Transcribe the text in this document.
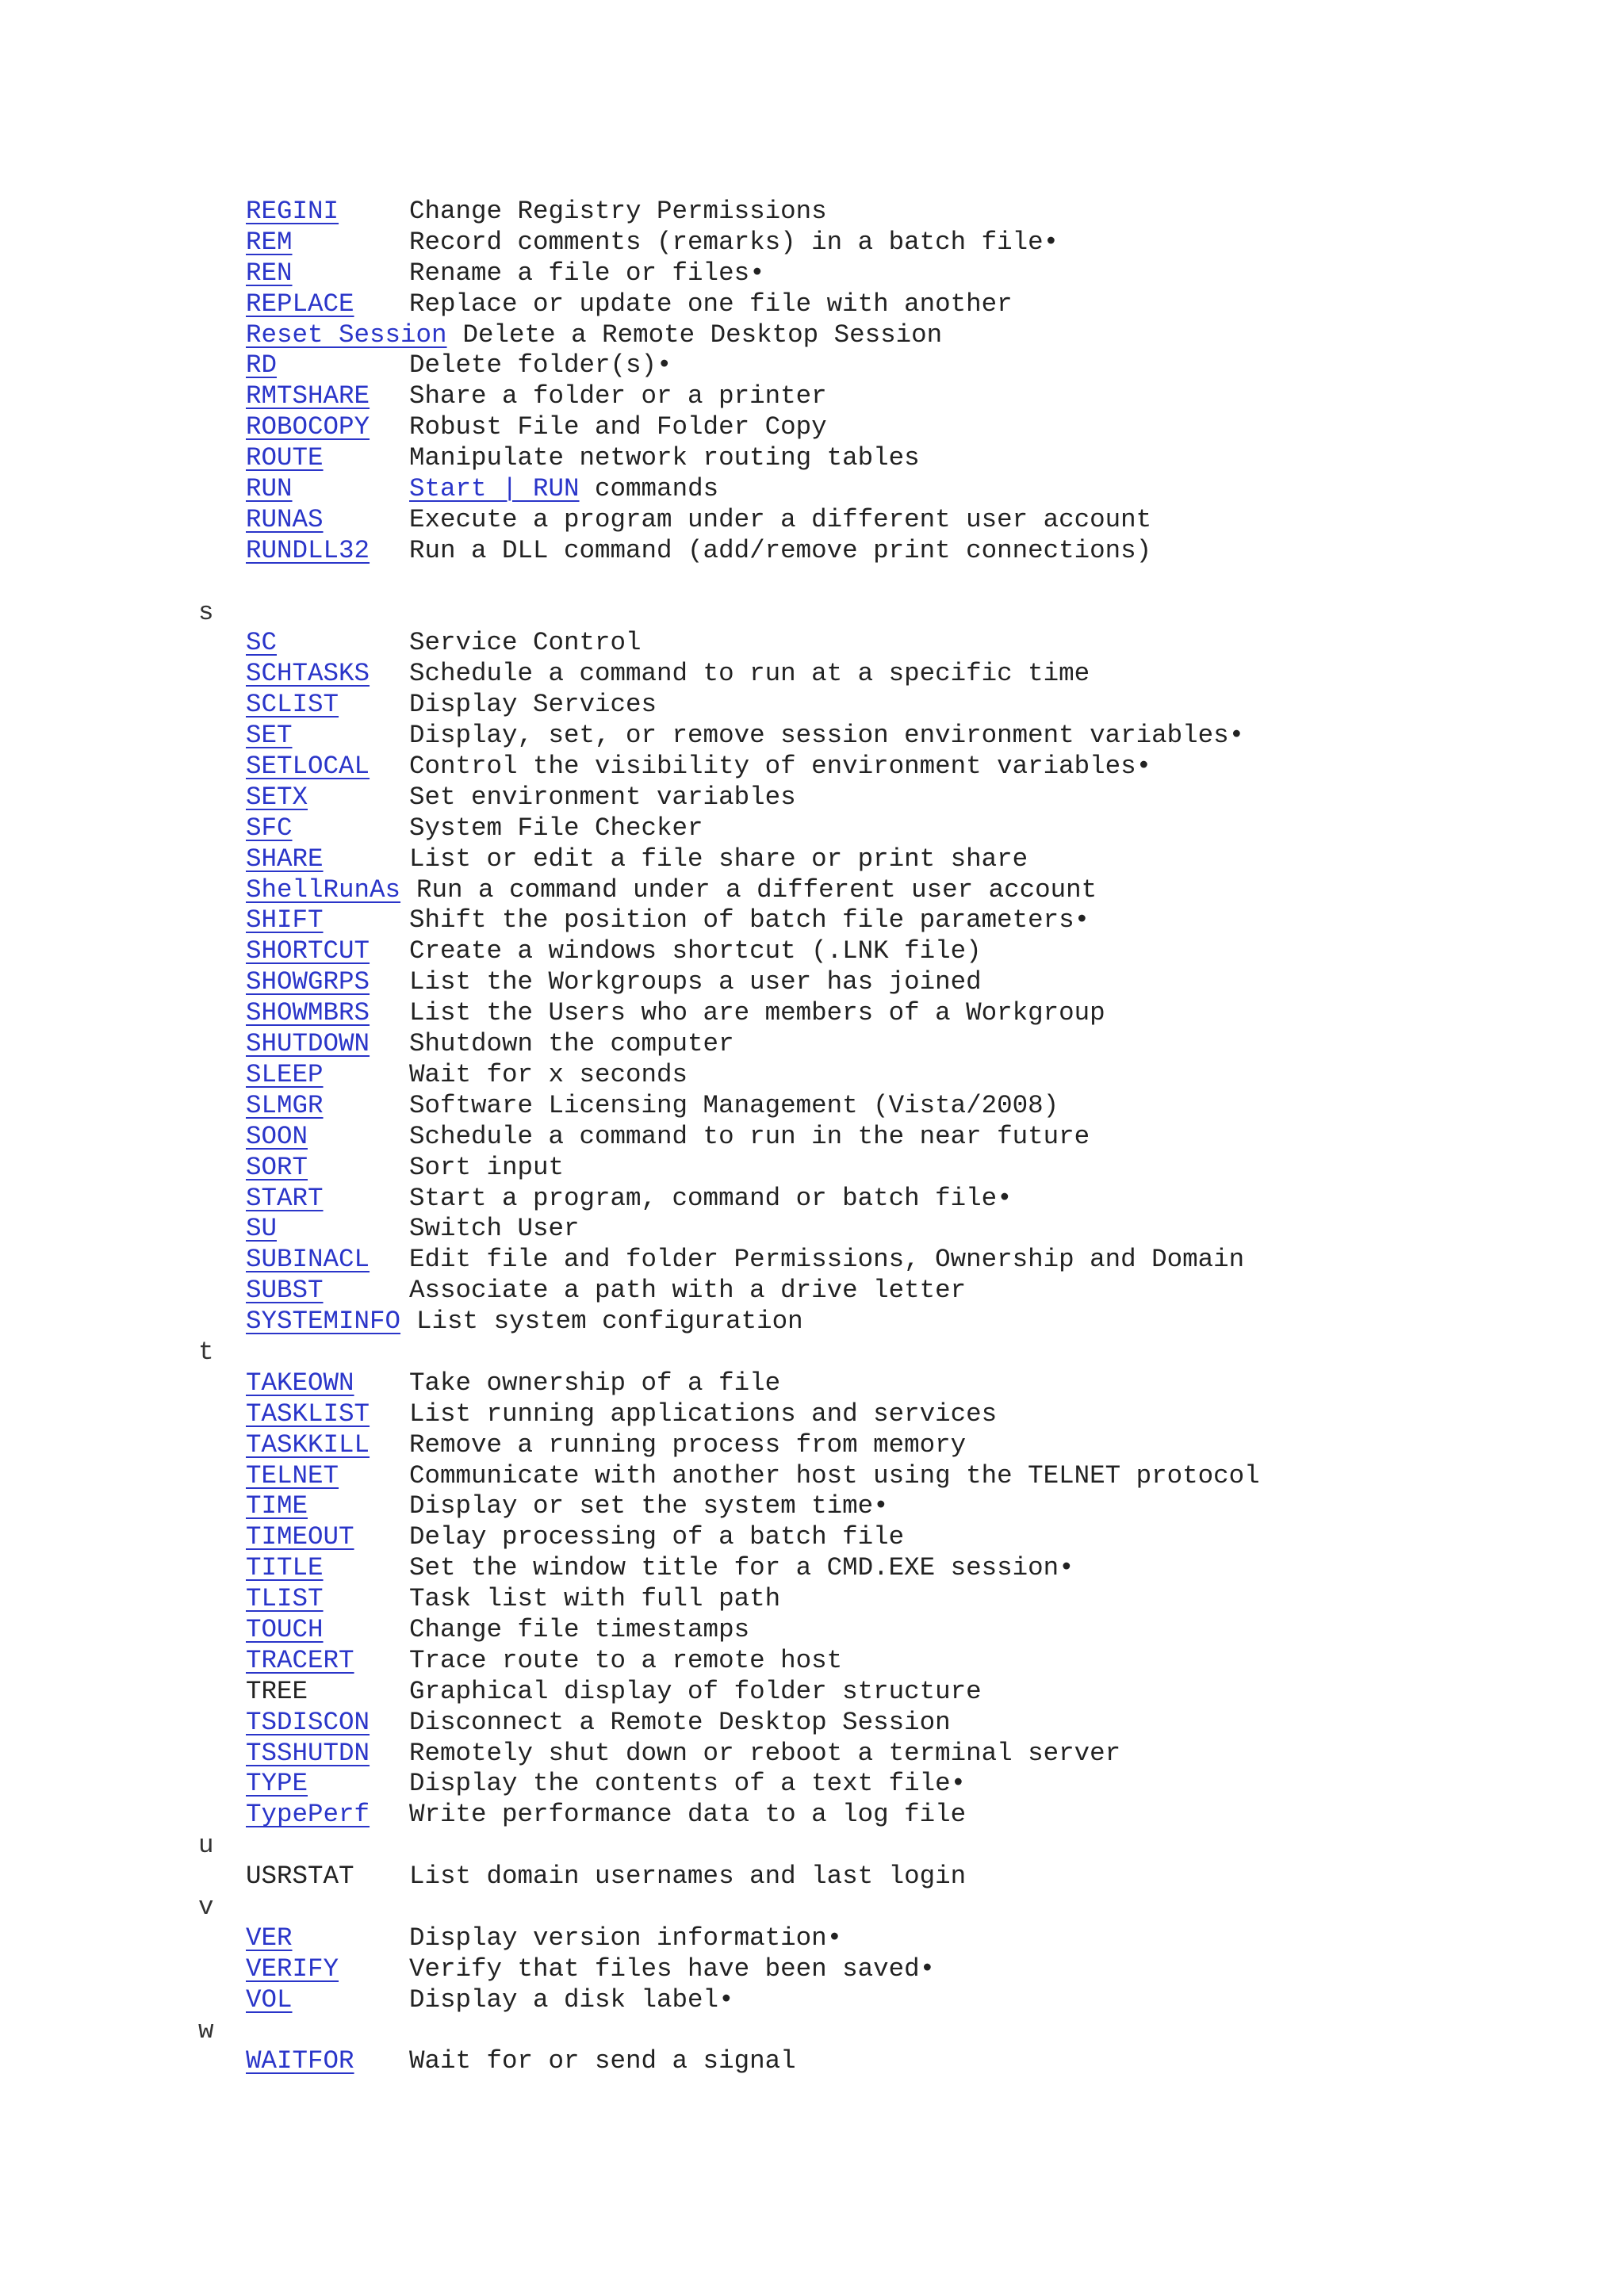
REGINI	Change Registry Permissions
REM	Record comments (remarks) in a batch file•
REN	Rename a file or files•
REPLACE	Replace or update one file with another
Reset Session Delete a Remote Desktop Session
RD	Delete folder(s)•
RMTSHARE	Share a folder or a printer
ROBOCOPY	Robust File and Folder Copy
ROUTE	Manipulate network routing tables
RUN	Start | RUN commands
RUNAS	Execute a program under a different user account
RUNDLL32	Run a DLL command (add/remove print connections)
s
SC	Service Control
SCHTASKS	Schedule a command to run at a specific time
SCLIST	Display Services
SET	Display, set, or remove session environment variables•
SETLOCAL	Control the visibility of environment variables•
SETX	Set environment variables
SFC	System File Checker
SHARE	List or edit a file share or print share
ShellRunAs Run a command under a different user account
SHIFT	Shift the position of batch file parameters•
SHORTCUT	Create a windows shortcut (.LNK file)
SHOWGRPS	List the Workgroups a user has joined
SHOWMBRS	List the Users who are members of a Workgroup
SHUTDOWN	Shutdown the computer
SLEEP	Wait for x seconds
SLMGR	Software Licensing Management (Vista/2008)
SOON	Schedule a command to run in the near future
SORT	Sort input
START	Start a program, command or batch file•
SU	Switch User
SUBINACL	Edit file and folder Permissions, Ownership and Domain
SUBST	Associate a path with a drive letter
SYSTEMINFO List system configuration
t
TAKEOWN	Take ownership of a file
TASKLIST	List running applications and services
TASKKILL	Remove a running process from memory
TELNET	Communicate with another host using the TELNET protocol
TIME	Display or set the system time•
TIMEOUT	Delay processing of a batch file
TITLE	Set the window title for a CMD.EXE session•
TLIST	Task list with full path
TOUCH	Change file timestamps
TRACERT	Trace route to a remote host
TREE	Graphical display of folder structure
TSDISCON	Disconnect a Remote Desktop Session
TSSHUTDN	Remotely shut down or reboot a terminal server
TYPE	Display the contents of a text file•
TypePerf	Write performance data to a log file
u
USRSTAT	List domain usernames and last login
v
VER	Display version information•
VERIFY	Verify that files have been saved•
VOL	Display a disk label•
w
WAITFOR	Wait for or send a signal
